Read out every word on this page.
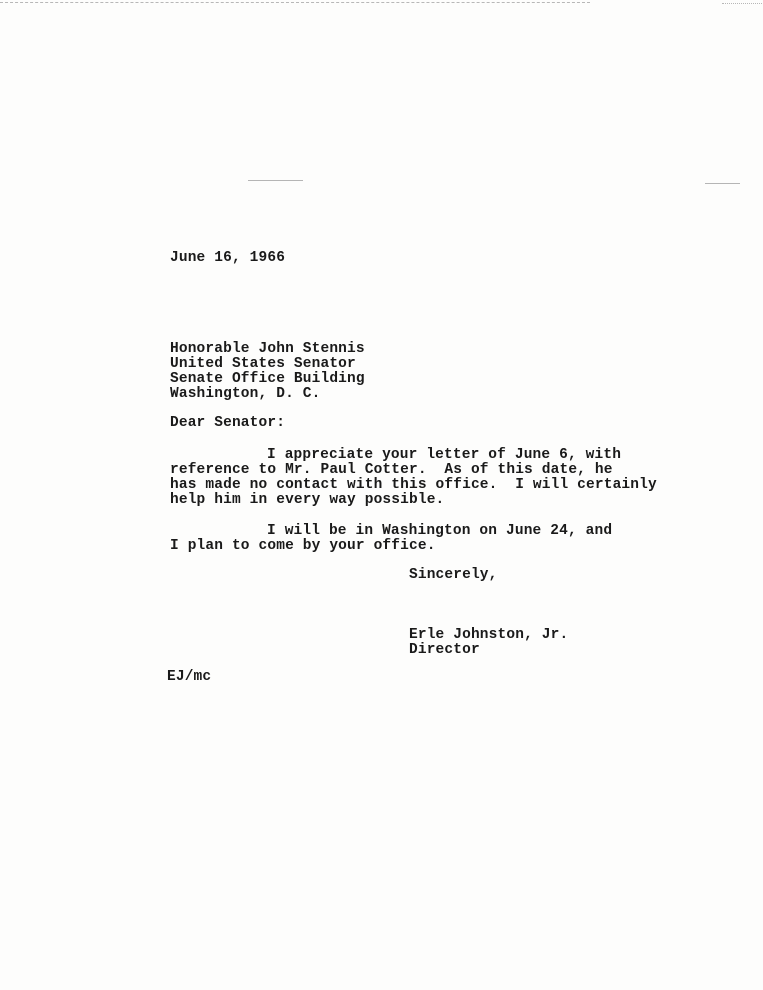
June 16, 1966
Honorable John Stennis
United States Senator
Senate Office Building
Washington, D. C.
Dear Senator:
I appreciate your letter of June 6, with
reference to Mr. Paul Cotter.  As of this date, he
has made no contact with this office.  I will certainly
help him in every way possible.
I will be in Washington on June 24, and
I plan to come by your office.
Sincerely,
Erle Johnston, Jr.
Director
EJ/mc
